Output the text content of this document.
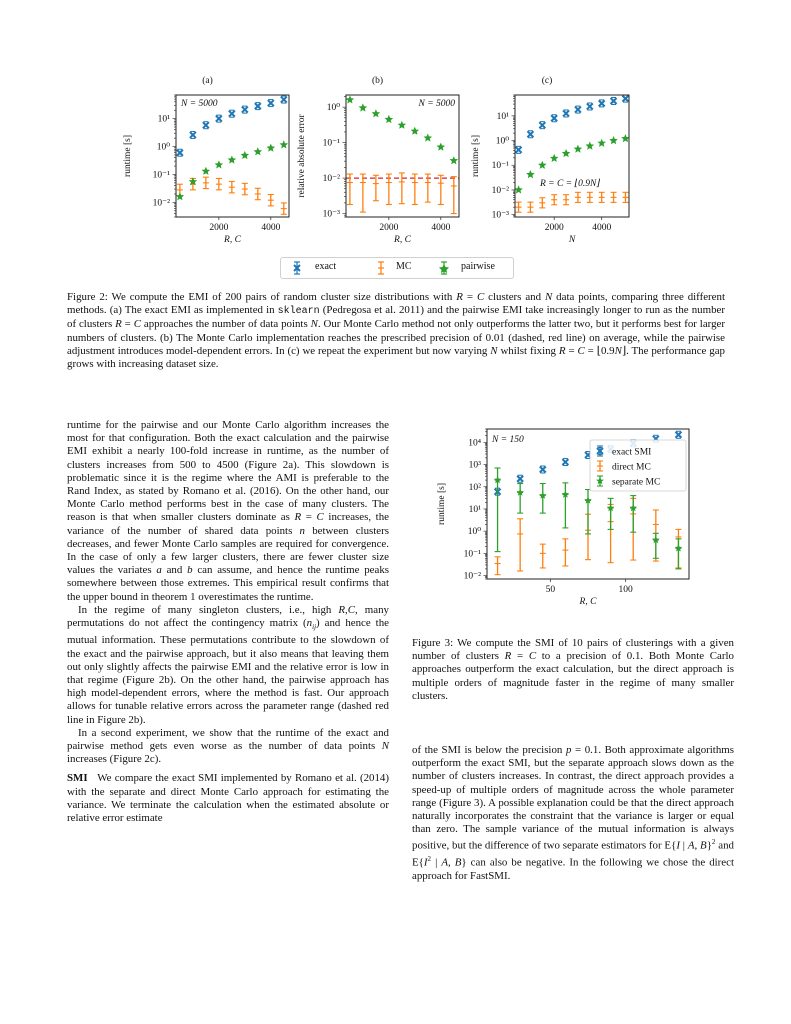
10⁻²
10⁻¹
10⁰
10¹
2000	4000
R, C
runtime [s]
(a)
N = 5000
10⁻³
10⁻²
10⁻¹
10⁰
2000	4000
R, C
relative absolute error
(b)
N = 5000
10⁻³
10⁻²
10⁻¹
10⁰
10¹
2000	4000
N
runtime [s]
(c)
R = C = ⌊0.9N⌋
exact	MC	pairwise
Figure 2: We compute the EMI of 200 pairs of random cluster size distributions with R = C clusters and N data points, comparing three different methods. (a) The exact EMI as implemented in sklearn (Pedregosa et al. 2011) and the pairwise EMI take increasingly longer to run as the number of clusters R = C approaches the number of data points N. Our Monte Carlo method not only outperforms the latter two, but it performs best for larger numbers of clusters. (b) The Monte Carlo implementation reaches the prescribed precision of 0.01 (dashed, red line) on average, while the pairwise adjustment introduces model-dependent errors. In (c) we repeat the experiment but now varying N whilst fixing R = C = ⌊0.9N⌋. The performance gap grows with increasing dataset size.

runtime for the pairwise and our Monte Carlo algorithm increases the most for that configuration. Both the exact calculation and the pairwise EMI exhibit a nearly 100-fold increase in runtime, as the number of clusters increases from 500 to 4500 (Figure 2a). This slowdown is problematic since it is the regime where the AMI is preferable to the Rand Index, as stated by Romano et al. (2016). On the other hand, our Monte Carlo method performs best in the case of many clusters. The reason is that when smaller clusters dominate as R = C increases, the variance of the number of shared data points n between clusters decreases, and fewer Monte Carlo samples are required for convergence. In the case of only a few larger clusters, there are fewer cluster size values the variates a and b can assume, and hence the runtime peaks somewhere between those extremes. This empirical result confirms that the upper bound in theorem 1 overestimates the runtime.

In the regime of many singleton clusters, i.e., high R,C, many permutations do not affect the contingency matrix $(n_{ij})$ and hence the mutual information. These permutations contribute to the slowdown of the exact and the pairwise approach, but it also means that leaving them out only slightly affects the pairwise EMI and the relative error is low in that regime (Figure 2b). On the other hand, the pairwise approach has high model-dependent errors, where the method is fast. Our approach allows for tunable relative errors across the parameter range (dashed red line in Figure 2b).

In a second experiment, we show that the runtime of the exact and pairwise method gets even worse as the number of data points N increases (Figure 2c).

SMI We compare the exact SMI implemented by Romano et al. (2014) with the separate and direct Monte Carlo approach for estimating the variance. We terminate the calculation when the estimated absolute or relative error estimate

10⁻²
10⁻¹
10⁰
10¹
10²
10³
10⁴
50	100
R, C
runtime [s]
N = 150
exact SMI
direct MC
separate MC
Figure 3: We compute the SMI of 10 pairs of clusterings with a given number of clusters R = C to a precision of 0.1. Both Monte Carlo approaches outperform the exact calculation, but the direct approach is multiple orders of magnitude faster in the regime of many smaller clusters.

of the SMI is below the precision p = 0.1. Both approximate algorithms outperform the exact SMI, but the separate approach slows down as the number of clusters increases. In contrast, the direct approach provides a speed-up of multiple orders of magnitude across the whole parameter range (Figure 3). A possible explanation could be that the direct approach naturally incorporates the constraint that the variance is larger or equal than zero. The sample variance of the mutual information is always positive, but the difference of two separate estimators for E{I | A, B}$^2$ and $E\{I^2$ | A, B} can also be negative. In the following we chose the direct approach for FastSMI.
